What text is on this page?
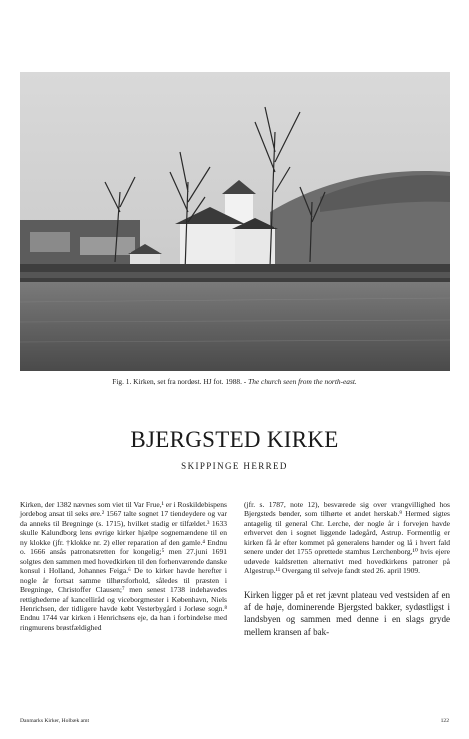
Fig. 1. Kirken, set fra nordøst. HJ fot. 1988. - The church seen from the north-east.
BJERGSTED KIRKE
SKIPPINGE HERRED

Kirken, der 1382 nævnes som viet til Var Frue,¹ er i Roskildebispens jordebog ansat til seks øre.² 1567 talte sognet 17 tiendeydere og var da anneks til Bregninge (s. 1715), hvilket stadig er tilfældet.³ 1633 skulle Kalundborg lens øvrige kirker hjælpe sognemændene til en ny klokke (jfr. †klokke nr. 2) eller reparation af den gamle.⁴ Endnu o. 1666 ansås patronatsretten for kongelig;⁵ men 27.juni 1691 solgtes den sammen med hovedkirken til den forhenværende danske konsul i Holland, Johannes Feiga.⁶ De to kirker havde herefter i nogle år fortsat samme tilhørsforhold, således til præsten i Bregninge, Christoffer Clausen;⁷ men senest 1738 indehavedes rettighederne af kancelliråd og viceborgmester i København, Niels Henrichsen, der tidligere havde købt Vesterbygård i Jorløse sogn.⁸ Endnu 1744 var kirken i Henrichsens eje, da han i forbindelse med ringmurens brøstfældighed

(jfr. s. 1787, note 12), besværede sig over vrangvillighed hos Bjergsteds bønder, som tilhørte et andet herskab.⁹ Hermed sigtes antagelig til general Chr. Lerche, der nogle år i forvejen havde erhvervet den i sognet liggende ladegård, Astrup. Formentlig er kirken få år efter kommet på generalens hænder og lå i hvert fald senere under det 1755 oprettede stamhus Lerchenborg,¹⁰ hvis ejere udøvede kaldsretten alternativt med hovedkirkens patroner på Algestrup.¹¹ Overgang til selveje fandt sted 26. april 1909.

Kirken ligger på et ret jævnt plateau ved vestsiden af en af de høje, dominerende Bjergsted bakker, sydøstligst i landsbyen og sammen med denne i en slags gryde mellem kransen af bak-

Danmarks Kirker, Holbæk amt	122
